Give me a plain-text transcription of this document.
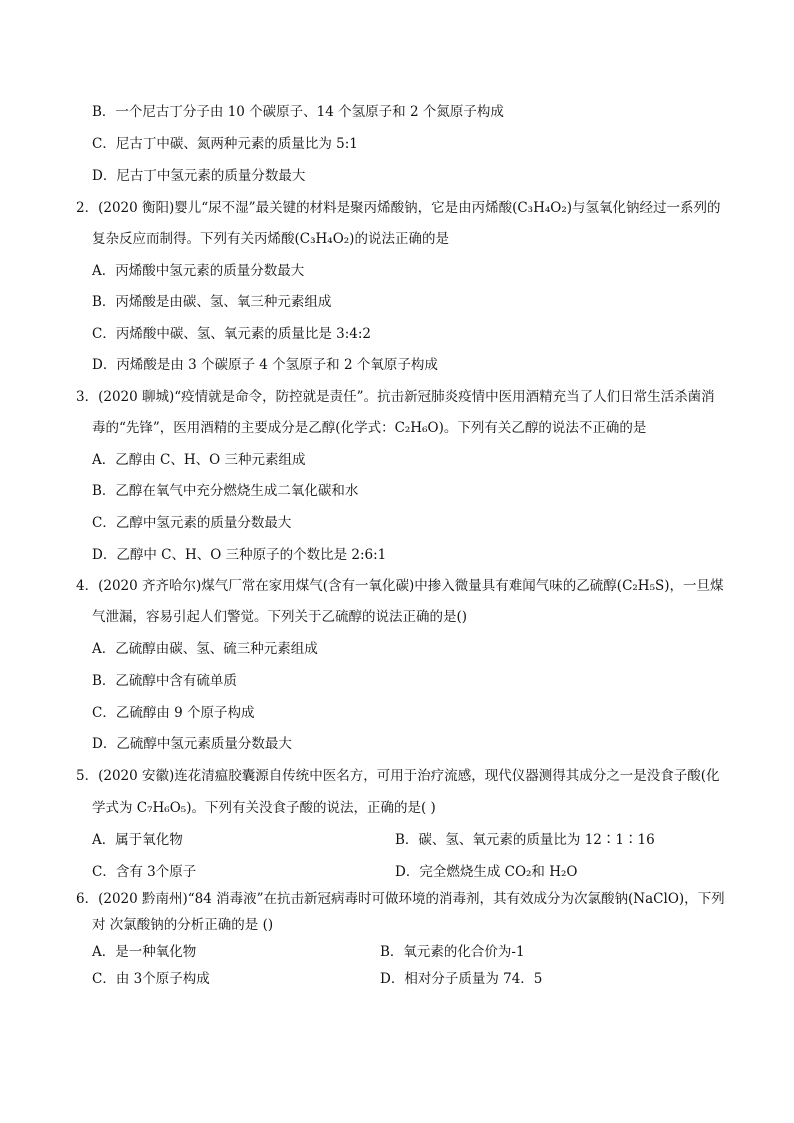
B．一个尼古丁分子由 10 个碳原子、14 个氢原子和 2 个氮原子构成
C．尼古丁中碳、氮两种元素的质量比为 5:1
D．尼古丁中氢元素的质量分数最大
2．(2020 衡阳)婴儿“尿不湿”最关键的材料是聚丙烯酸钠，它是由丙烯酸(C₃H₄O₂)与氢氧化钠经过一系列的
复杂反应而制得。下列有关丙烯酸(C₃H₄O₂)的说法正确的是
A．丙烯酸中氢元素的质量分数最大
B．丙烯酸是由碳、氢、氧三种元素组成
C．丙烯酸中碳、氢、氧元素的质量比是 3:4:2
D．丙烯酸是由 3 个碳原子 4 个氢原子和 2 个氧原子构成
3．(2020 聊城)“疫情就是命令，防控就是责任”。抗击新冠肺炎疫情中医用酒精充当了人们日常生活杀菌消
毒的“先锋”，医用酒精的主要成分是乙醇(化学式：C₂H₆O)。下列有关乙醇的说法不正确的是
A．乙醇由 C、H、O 三种元素组成
B．乙醇在氧气中充分燃烧生成二氧化碳和水
C．乙醇中氢元素的质量分数最大
D．乙醇中 C、H、O 三种原子的个数比是 2:6:1
4．(2020 齐齐哈尔)煤气厂常在家用煤气(含有一氧化碳)中掺入微量具有难闻气味的乙硫醇(C₂H₅S)，一旦煤
气泄漏，容易引起人们警觉。下列关于乙硫醇的说法正确的是()
A．乙硫醇由碳、氢、硫三种元素组成
B．乙硫醇中含有硫单质
C．乙硫醇由 9 个原子构成
D．乙硫醇中氢元素质量分数最大
5．(2020 安徽)连花清瘟胶囊源自传统中医名方，可用于治疗流感，现代仪器测得其成分之一是没食子酸(化
学式为 C₇H₆O₅)。下列有关没食子酸的说法，正确的是( )
A．属于氧化物	B．碳、氢、氧元素的质量比为 12∶1∶16
C．含有 3个原子	D．完全燃烧生成 CO₂和 H₂O
6．(2020 黔南州)“84 消毒液”在抗击新冠病毒时可做环境的消毒剂，其有效成分为次氯酸钠(NaClO)，下列
对 次氯酸钠的分析正确的是 ()
A．是一种氧化物	B．氧元素的化合价为-1
C．由 3个原子构成	D．相对分子质量为 74．5
